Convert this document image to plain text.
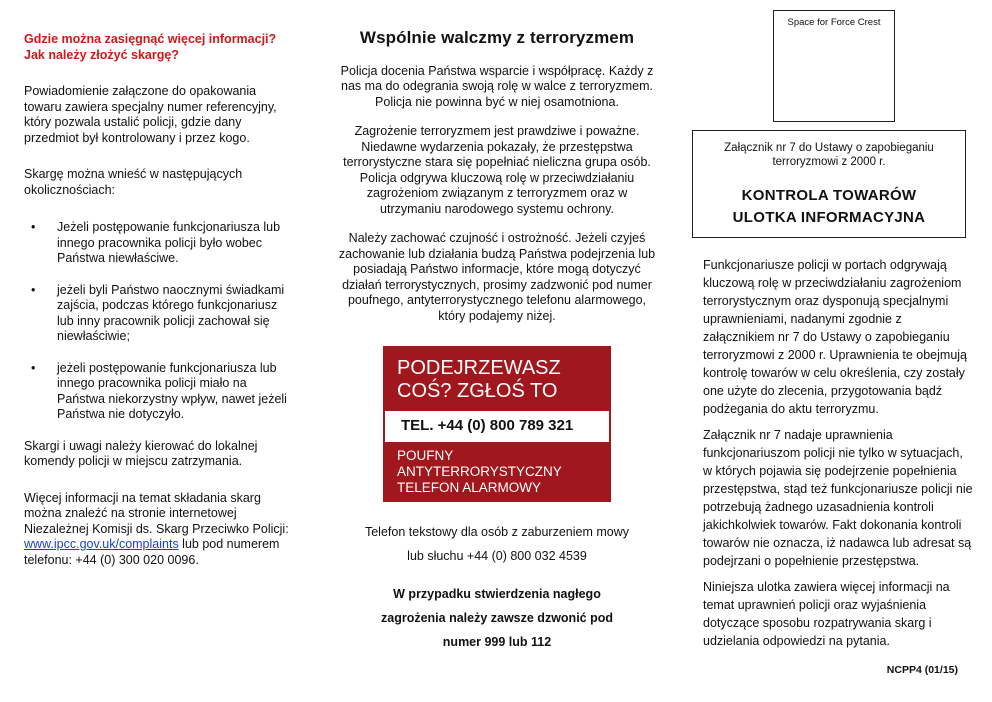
Gdzie można zasięgnąć więcej informacji? Jak należy złożyć skargę?

Powiadomienie załączone do opakowania towaru zawiera specjalny numer referencyjny, który pozwala ustalić policji, gdzie dany przedmiot był kontrolowany i przez kogo.

Skargę można wnieść w następujących okolicznościach:

• Jeżeli postępowanie funkcjonariusza lub innego pracownika policji było wobec Państwa niewłaściwe.
• jeżeli byli Państwo naocznymi świadkami zajścia, podczas którego funkcjonariusz lub inny pracownik policji zachował się niewłaściwie;
• jeżeli postępowanie funkcjonariusza lub innego pracownika policji miało na Państwa niekorzystny wpływ, nawet jeżeli Państwa nie dotyczyło.

Skargi i uwagi należy kierować do lokalnej komendy policji w miejscu zatrzymania.

Więcej informacji na temat składania skarg można znaleźć na stronie internetowej Niezależnej Komisji ds. Skarg Przeciwko Policji: www.ipcc.gov.uk/complaints lub pod numerem telefonu: +44 (0) 300 020 0096.

Wspólnie walczmy z terroryzmem

Policja docenia Państwa wsparcie i współpracę. Każdy z nas ma do odegrania swoją rolę w walce z terroryzmem. Policja nie powinna być w niej osamotniona.

Zagrożenie terroryzmem jest prawdziwe i poważne. Niedawne wydarzenia pokazały, że przestępstwa terrorystyczne stara się popełniać nieliczna grupa osób. Policja odgrywa kluczową rolę w przeciwdziałaniu zagrożeniom związanym z terroryzmem oraz w utrzymaniu narodowego systemu ochrony.

Należy zachować czujność i ostrożność. Jeżeli czyjeś zachowanie lub działania budzą Państwa podejrzenia lub posiadają Państwo informacje, które mogą dotyczyć działań terrorystycznych, prosimy zadzwonić pod numer poufnego, antyterrorystycznego telefonu alarmowego, który podajemy niżej.

PODEJRZEWASZ
COŚ? ZGŁOŚ TO
TEL. +44 (0) 800 789 321
POUFNY
ANTYTERRORYSTYCZNY
TELEFON ALARMOWY
Telefon tekstowy dla osób z zaburzeniem mowy
lub słuchu +44 (0) 800 032 4539
W przypadku stwierdzenia nagłego
zagrożenia należy zawsze dzwonić pod
numer 999 lub 112
Space for Force Crest
Załącznik nr 7 do Ustawy o zapobieganiu
terroryzmowi z 2000 r.
KONTROLA TOWARÓW
ULOTKA INFORMACYJNA

Funkcjonariusze policji w portach odgrywają kluczową rolę w przeciwdziałaniu zagrożeniom terrorystycznym oraz dysponują specjalnymi uprawnieniami, nadanymi zgodnie z załącznikiem nr 7 do Ustawy o zapobieganiu terroryzmowi z 2000 r. Uprawnienia te obejmują kontrolę towarów w celu określenia, czy zostały one użyte do zlecenia, przygotowania bądź podżegania do aktu terroryzmu.

Załącznik nr 7 nadaje uprawnienia funkcjonariuszom policji nie tylko w sytuacjach, w których pojawia się podejrzenie popełnienia przestępstwa, stąd też funkcjonariusze policji nie potrzebują żadnego uzasadnienia kontroli jakichkolwiek towarów. Fakt dokonania kontroli towarów nie oznacza, iż nadawca lub adresat są podejrzani o popełnienie przestępstwa.

Niniejsza ulotka zawiera więcej informacji na temat uprawnień policji oraz wyjaśnienia dotyczące sposobu rozpatrywania skarg i udzielania odpowiedzi na pytania.

NCPP4 (01/15)
